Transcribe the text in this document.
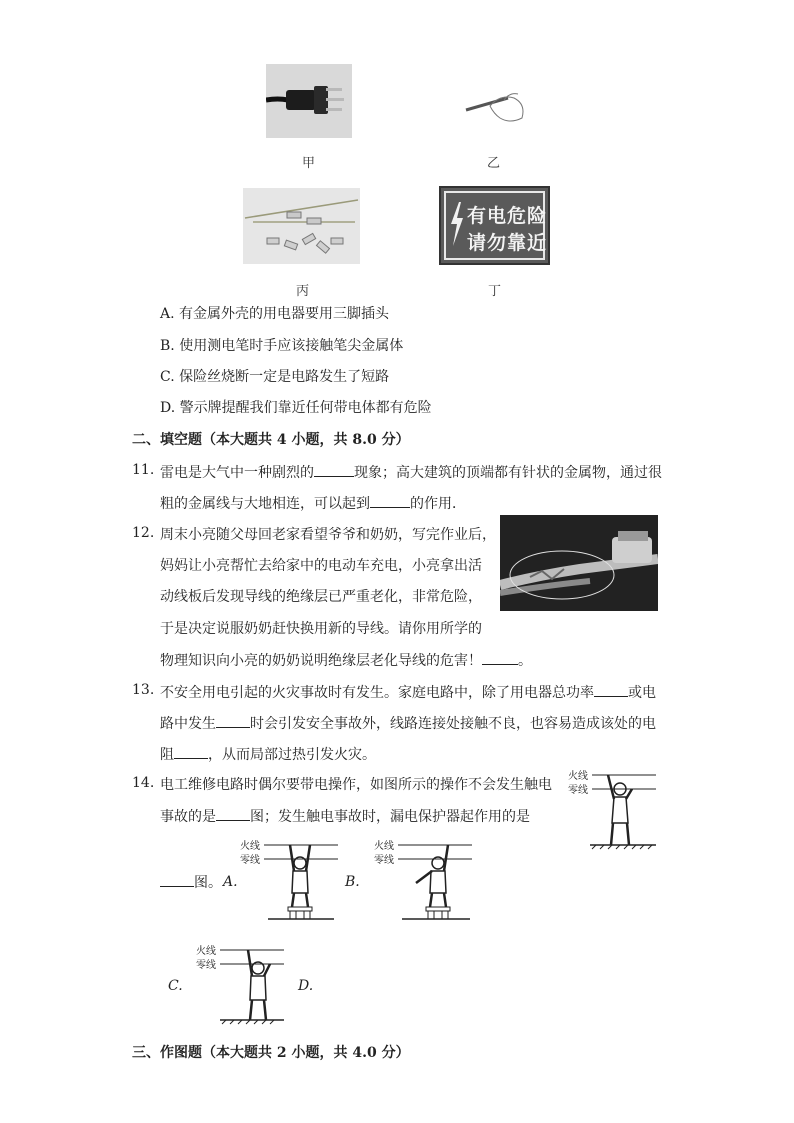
甲	乙
丙
有电危险
请勿靠近
丁
A. 有金属外壳的用电器要用三脚插头
B. 使用测电笔时手应该接触笔尖金属体
C. 保险丝烧断一定是电路发生了短路
D. 警示牌提醒我们靠近任何带电体都有危险
二、填空题（本大题共 4 小题，共 8.0 分）
11. 雷电是大气中一种剧烈的	现象；高大建筑的顶端都有针状的金属物，通过很
粗的金属线与大地相连，可以起到	的作用．
12. 周末小亮随父母回老家看望爷爷和奶奶，写完作业后，
妈妈让小亮帮忙去给家中的电动车充电，小亮拿出活
动线板后发现导线的绝缘层已严重老化，非常危险，
于是决定说服奶奶赶快换用新的导线。请你用所学的
物理知识向小亮的奶奶说明绝缘层老化导线的危害！	。
13. 不安全用电引起的火灾事故时有发生。家庭电路中，除了用电器总功率 或电
路中发生 时会引发安全事故外，线路连接处接触不良，也容易造成该处的电
阻 ，从而局部过热引发火灾。
14. 电工维修电路时偶尔要带电操作，如图所示的操作不会发生触电
事故的是 图；发生触电事故时，漏电保护器起作用的是
图。
火线
零线
A.
火线
零线
B.
火线
零线
C.
火线
零线
D.
三、作图题（本大题共 2 小题，共 4.0 分）
